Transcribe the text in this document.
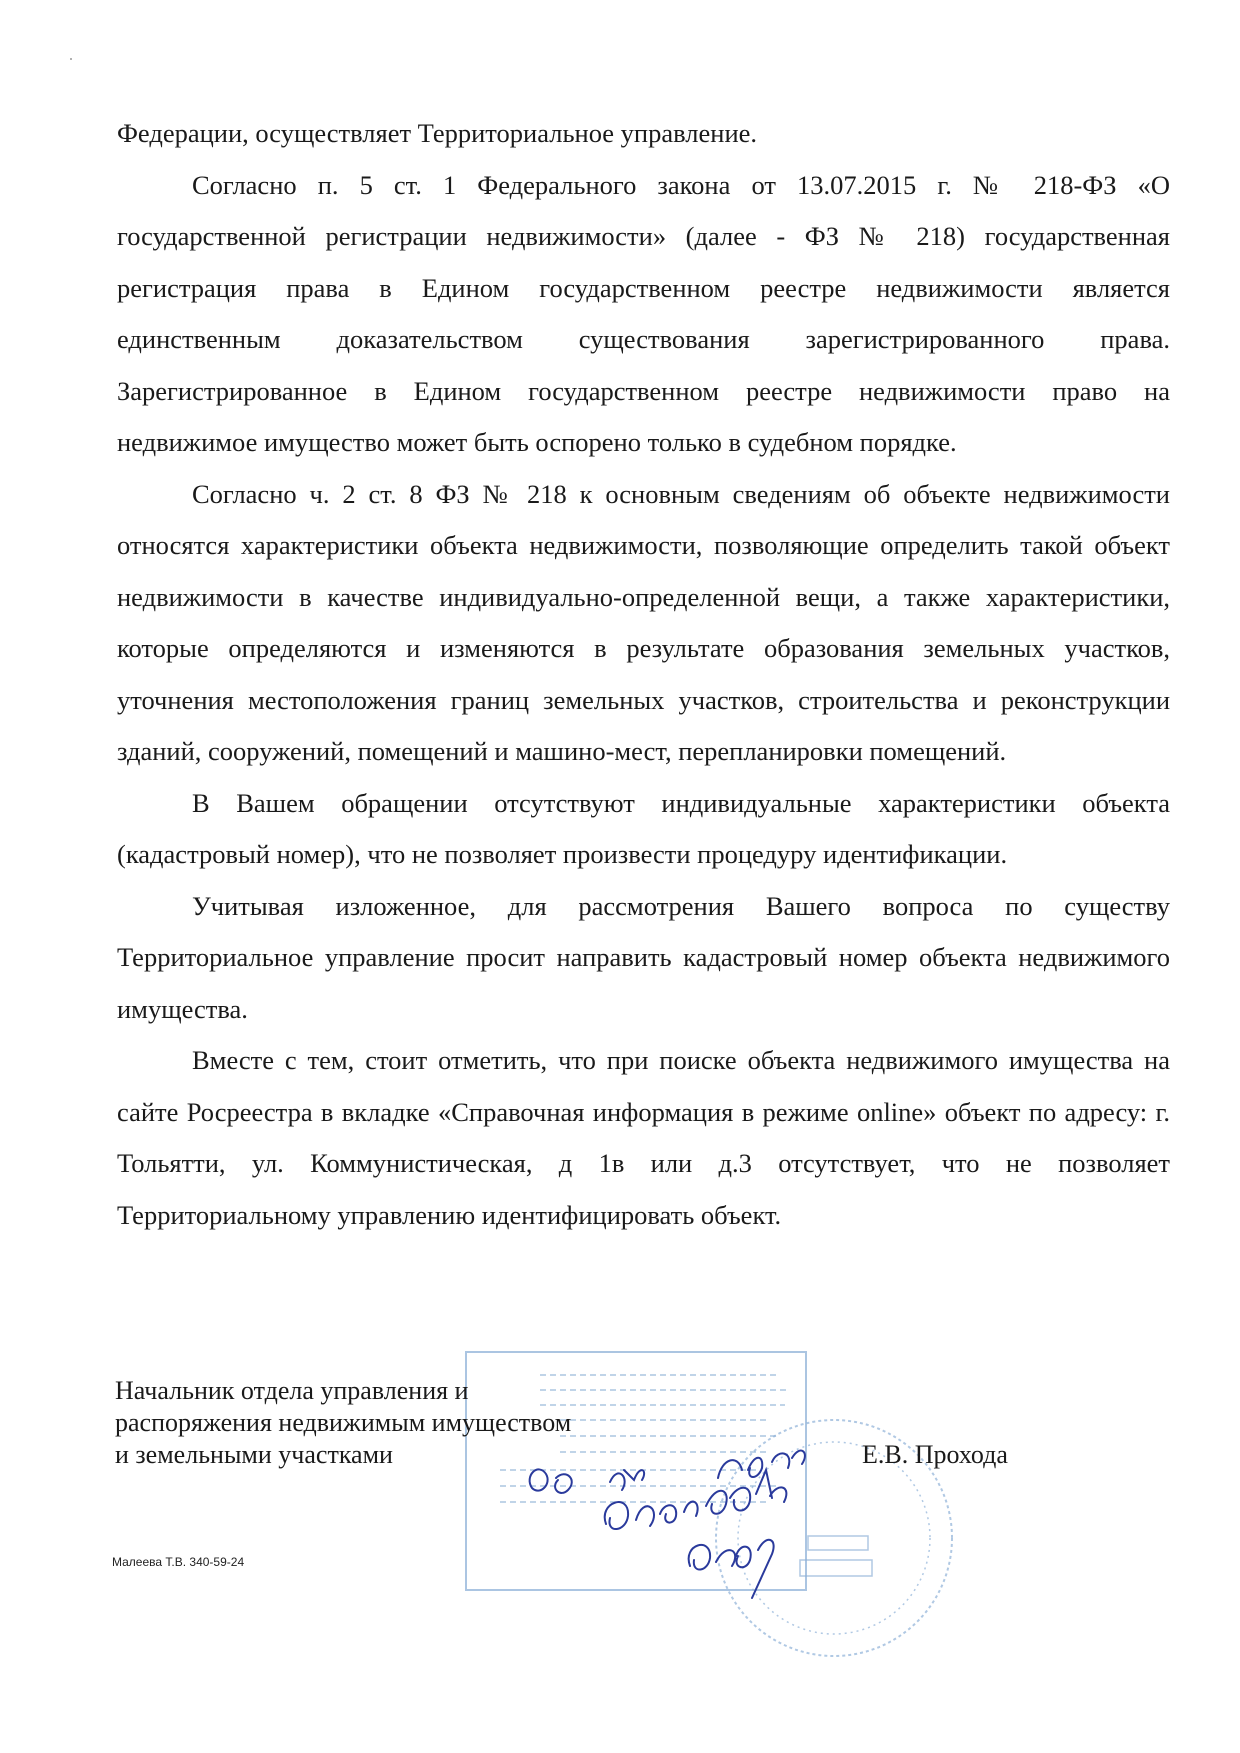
Федерации, осуществляет Территориальное управление.

Согласно п. 5 ст. 1 Федерального закона от 13.07.2015 г. № 218-ФЗ «О государственной регистрации недвижимости» (далее - ФЗ № 218) государственная регистрация права в Едином государственном реестре недвижимости является единственным доказательством существования зарегистрированного права. Зарегистрированное в Едином государственном реестре недвижимости право на недвижимое имущество может быть оспорено только в судебном порядке.

Согласно ч. 2 ст. 8 ФЗ № 218 к основным сведениям об объекте недвижимости относятся характеристики объекта недвижимости, позволяющие определить такой объект недвижимости в качестве индивидуально-определенной вещи, а также характеристики, которые определяются и изменяются в результате образования земельных участков, уточнения местоположения границ земельных участков, строительства и реконструкции зданий, сооружений, помещений и машино-мест, перепланировки помещений.

В Вашем обращении отсутствуют индивидуальные характеристики объекта (кадастровый номер), что не позволяет произвести процедуру идентификации.

Учитывая изложенное, для рассмотрения Вашего вопроса по существу Территориальное управление просит направить кадастровый номер объекта недвижимого имущества.

Вместе с тем, стоит отметить, что при поиске объекта недвижимого имущества на сайте Росреестра в вкладке «Справочная информация в режиме online» объект по адресу: г. Тольятти, ул. Коммунистическая, д 1в или д.3 отсутствует, что не позволяет Территориальному управлению идентифицировать объект.

Начальник отдела управления и
распоряжения недвижимым имуществом
и земельными участками	Е.В. Прохода
Малеева Т.В. 340-59-24
